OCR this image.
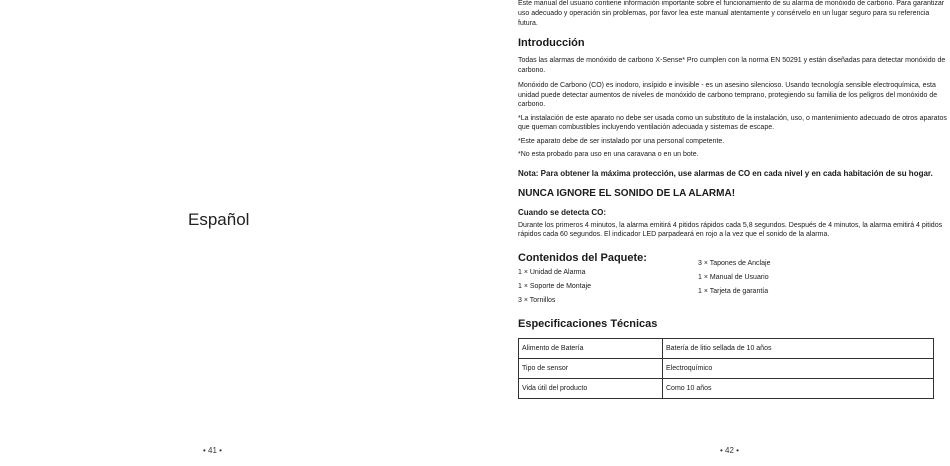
Español
• 41 •
Este manual del usuario contiene información importante sobre el funcionamiento de su alarma de monóxido de carbono. Para garantizar uso adecuado y operación sin problemas, por favor lea este manual atentamente y consérvelo en un lugar seguro para su referencia futura.
Introducción
Todas las alarmas de monóxido de carbono X-Sense* Pro cumplen con la norma EN 50291 y están diseñadas para detectar monóxido de carbono.
Monóxido de Carbono (CO) es inodoro, insípido e invisible - es un asesino silencioso. Usando tecnología sensible electroquímica, esta unidad puede detectar aumentos de niveles de monóxido de carbono temprano, protegiendo su familia de los peligros del monóxido de carbono.
*La instalación de este aparato no debe ser usada como un substituto de la instalación, uso, o mantenimiento adecuado de otros aparatos que queman combustibles incluyendo ventilación adecuada y sistemas de escape.
*Este aparato debe de ser instalado por una personal competente.
*No esta probado para uso en una caravana o en un bote.
Nota: Para obtener la máxima protección, use alarmas de CO en cada nivel y en cada habitación de su hogar.
NUNCA IGNORE EL SONIDO DE LA ALARMA!
Cuando se detecta CO:
Durante los primeros 4 minutos, la alarma emitirá 4 pitidos rápidos cada 5,8 segundos. Después de 4 minutos, la alarma emitirá 4 pitidos rápidos cada 60 segundos. El indicador LED parpadeará en rojo a la vez que el sonido de la alarma.
Contenidos del Paquete:
1 × Unidad de Alarma
1 × Soporte de Montaje
3 × Tornillos
3 × Tapones de Anclaje
1 × Manual de Usuario
1 × Tarjeta de garantía
Especificaciones Técnicas
Alimento de Batería	Batería de litio sellada de 10 años
Tipo de sensor	Electroquímico
Vida útil del producto	Como 10 años
• 42 •
